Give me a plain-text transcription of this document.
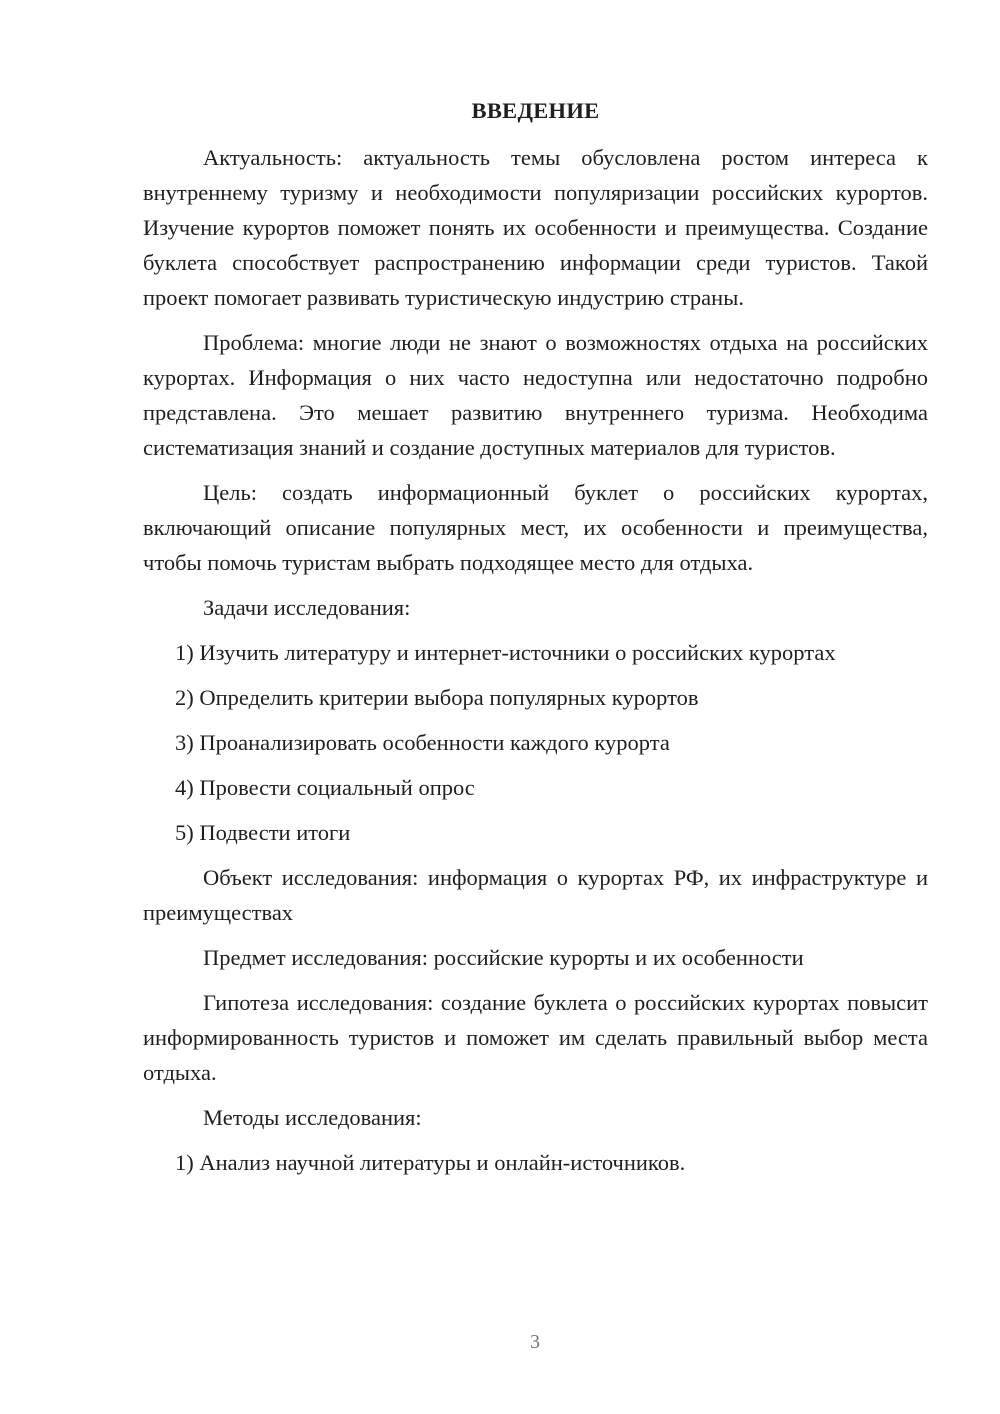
ВВЕДЕНИЕ

Актуальность: актуальность темы обусловлена ростом интереса к внутреннему туризму и необходимости популяризации российских курортов. Изучение курортов поможет понять их особенности и преимущества. Создание буклета способствует распространению информации среди туристов. Такой проект помогает развивать туристическую индустрию страны.

Проблема: многие люди не знают о возможностях отдыха на российских курортах. Информация о них часто недоступна или недостаточно подробно представлена. Это мешает развитию внутреннего туризма. Необходима систематизация знаний и создание доступных материалов для туристов.

Цель: создать информационный буклет о российских курортах, включающий описание популярных мест, их особенности и преимущества, чтобы помочь туристам выбрать подходящее место для отдыха.

Задачи исследования:

1) Изучить литературу и интернет-источники о российских курортах

2) Определить критерии выбора популярных курортов

3) Проанализировать особенности каждого курорта

4) Провести социальный опрос

5) Подвести итоги

Объект исследования: информация о курортах РФ, их инфраструктуре и преимуществах

Предмет исследования: российские курорты и их особенности

Гипотеза исследования: создание буклета о российских курортах повысит информированность туристов и поможет им сделать правильный выбор места отдыха.

Методы исследования:

1) Анализ научной литературы и онлайн-источников.

3
